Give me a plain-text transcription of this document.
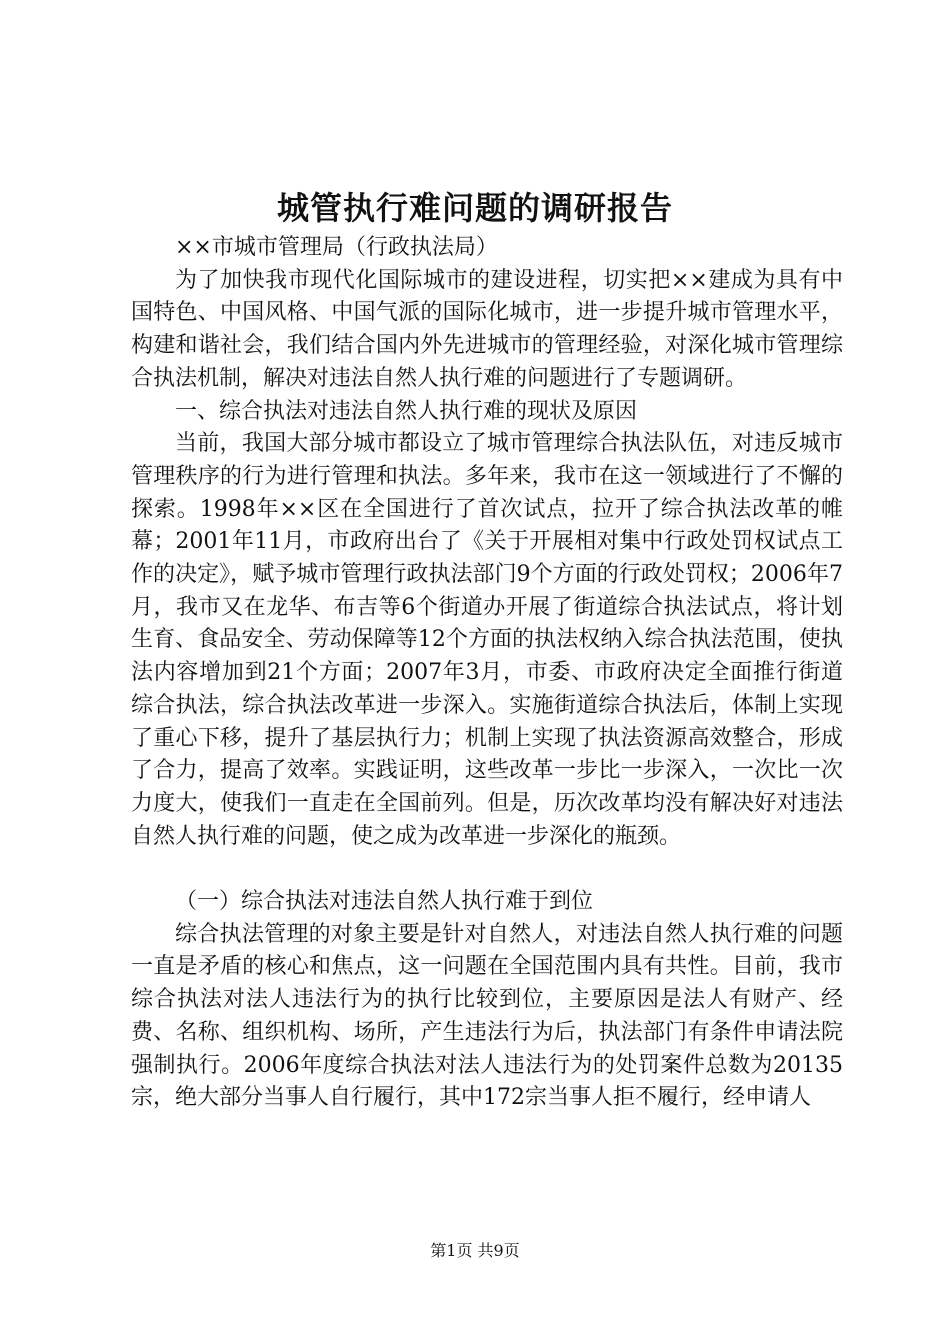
城管执行难问题的调研报告

××市城市管理局（行政执法局）

为了加快我市现代化国际城市的建设进程，切实把××建成为具有中国特色、中国风格、中国气派的国际化城市，进一步提升城市管理水平，构建和谐社会，我们结合国内外先进城市的管理经验，对深化城市管理综合执法机制，解决对违法自然人执行难的问题进行了专题调研。

一、综合执法对违法自然人执行难的现状及原因

当前，我国大部分城市都设立了城市管理综合执法队伍，对违反城市管理秩序的行为进行管理和执法。多年来，我市在这一领域进行了不懈的探索。1998年××区在全国进行了首次试点，拉开了综合执法改革的帷幕；2001年11月，市政府出台了《关于开展相对集中行政处罚权试点工作的决定》，赋予城市管理行政执法部门9个方面的行政处罚权；2006年7月，我市又在龙华、布吉等6个街道办开展了街道综合执法试点，将计划生育、食品安全、劳动保障等12个方面的执法权纳入综合执法范围，使执法内容增加到21个方面；2007年3月，市委、市政府决定全面推行街道综合执法，综合执法改革进一步深入。实施街道综合执法后，体制上实现了重心下移，提升了基层执行力；机制上实现了执法资源高效整合，形成了合力，提高了效率。实践证明，这些改革一步比一步深入，一次比一次力度大，使我们一直走在全国前列。但是，历次改革均没有解决好对违法自然人执行难的问题，使之成为改革进一步深化的瓶颈。

（一）综合执法对违法自然人执行难于到位

综合执法管理的对象主要是针对自然人，对违法自然人执行难的问题一直是矛盾的核心和焦点，这一问题在全国范围内具有共性。目前，我市综合执法对法人违法行为的执行比较到位，主要原因是法人有财产、经费、名称、组织机构、场所，产生违法行为后，执法部门有条件申请法院强制执行。2006年度综合执法对法人违法行为的处罚案件总数为20135宗，绝大部分当事人自行履行，其中172宗当事人拒不履行，经申请人

第1页 共9页
